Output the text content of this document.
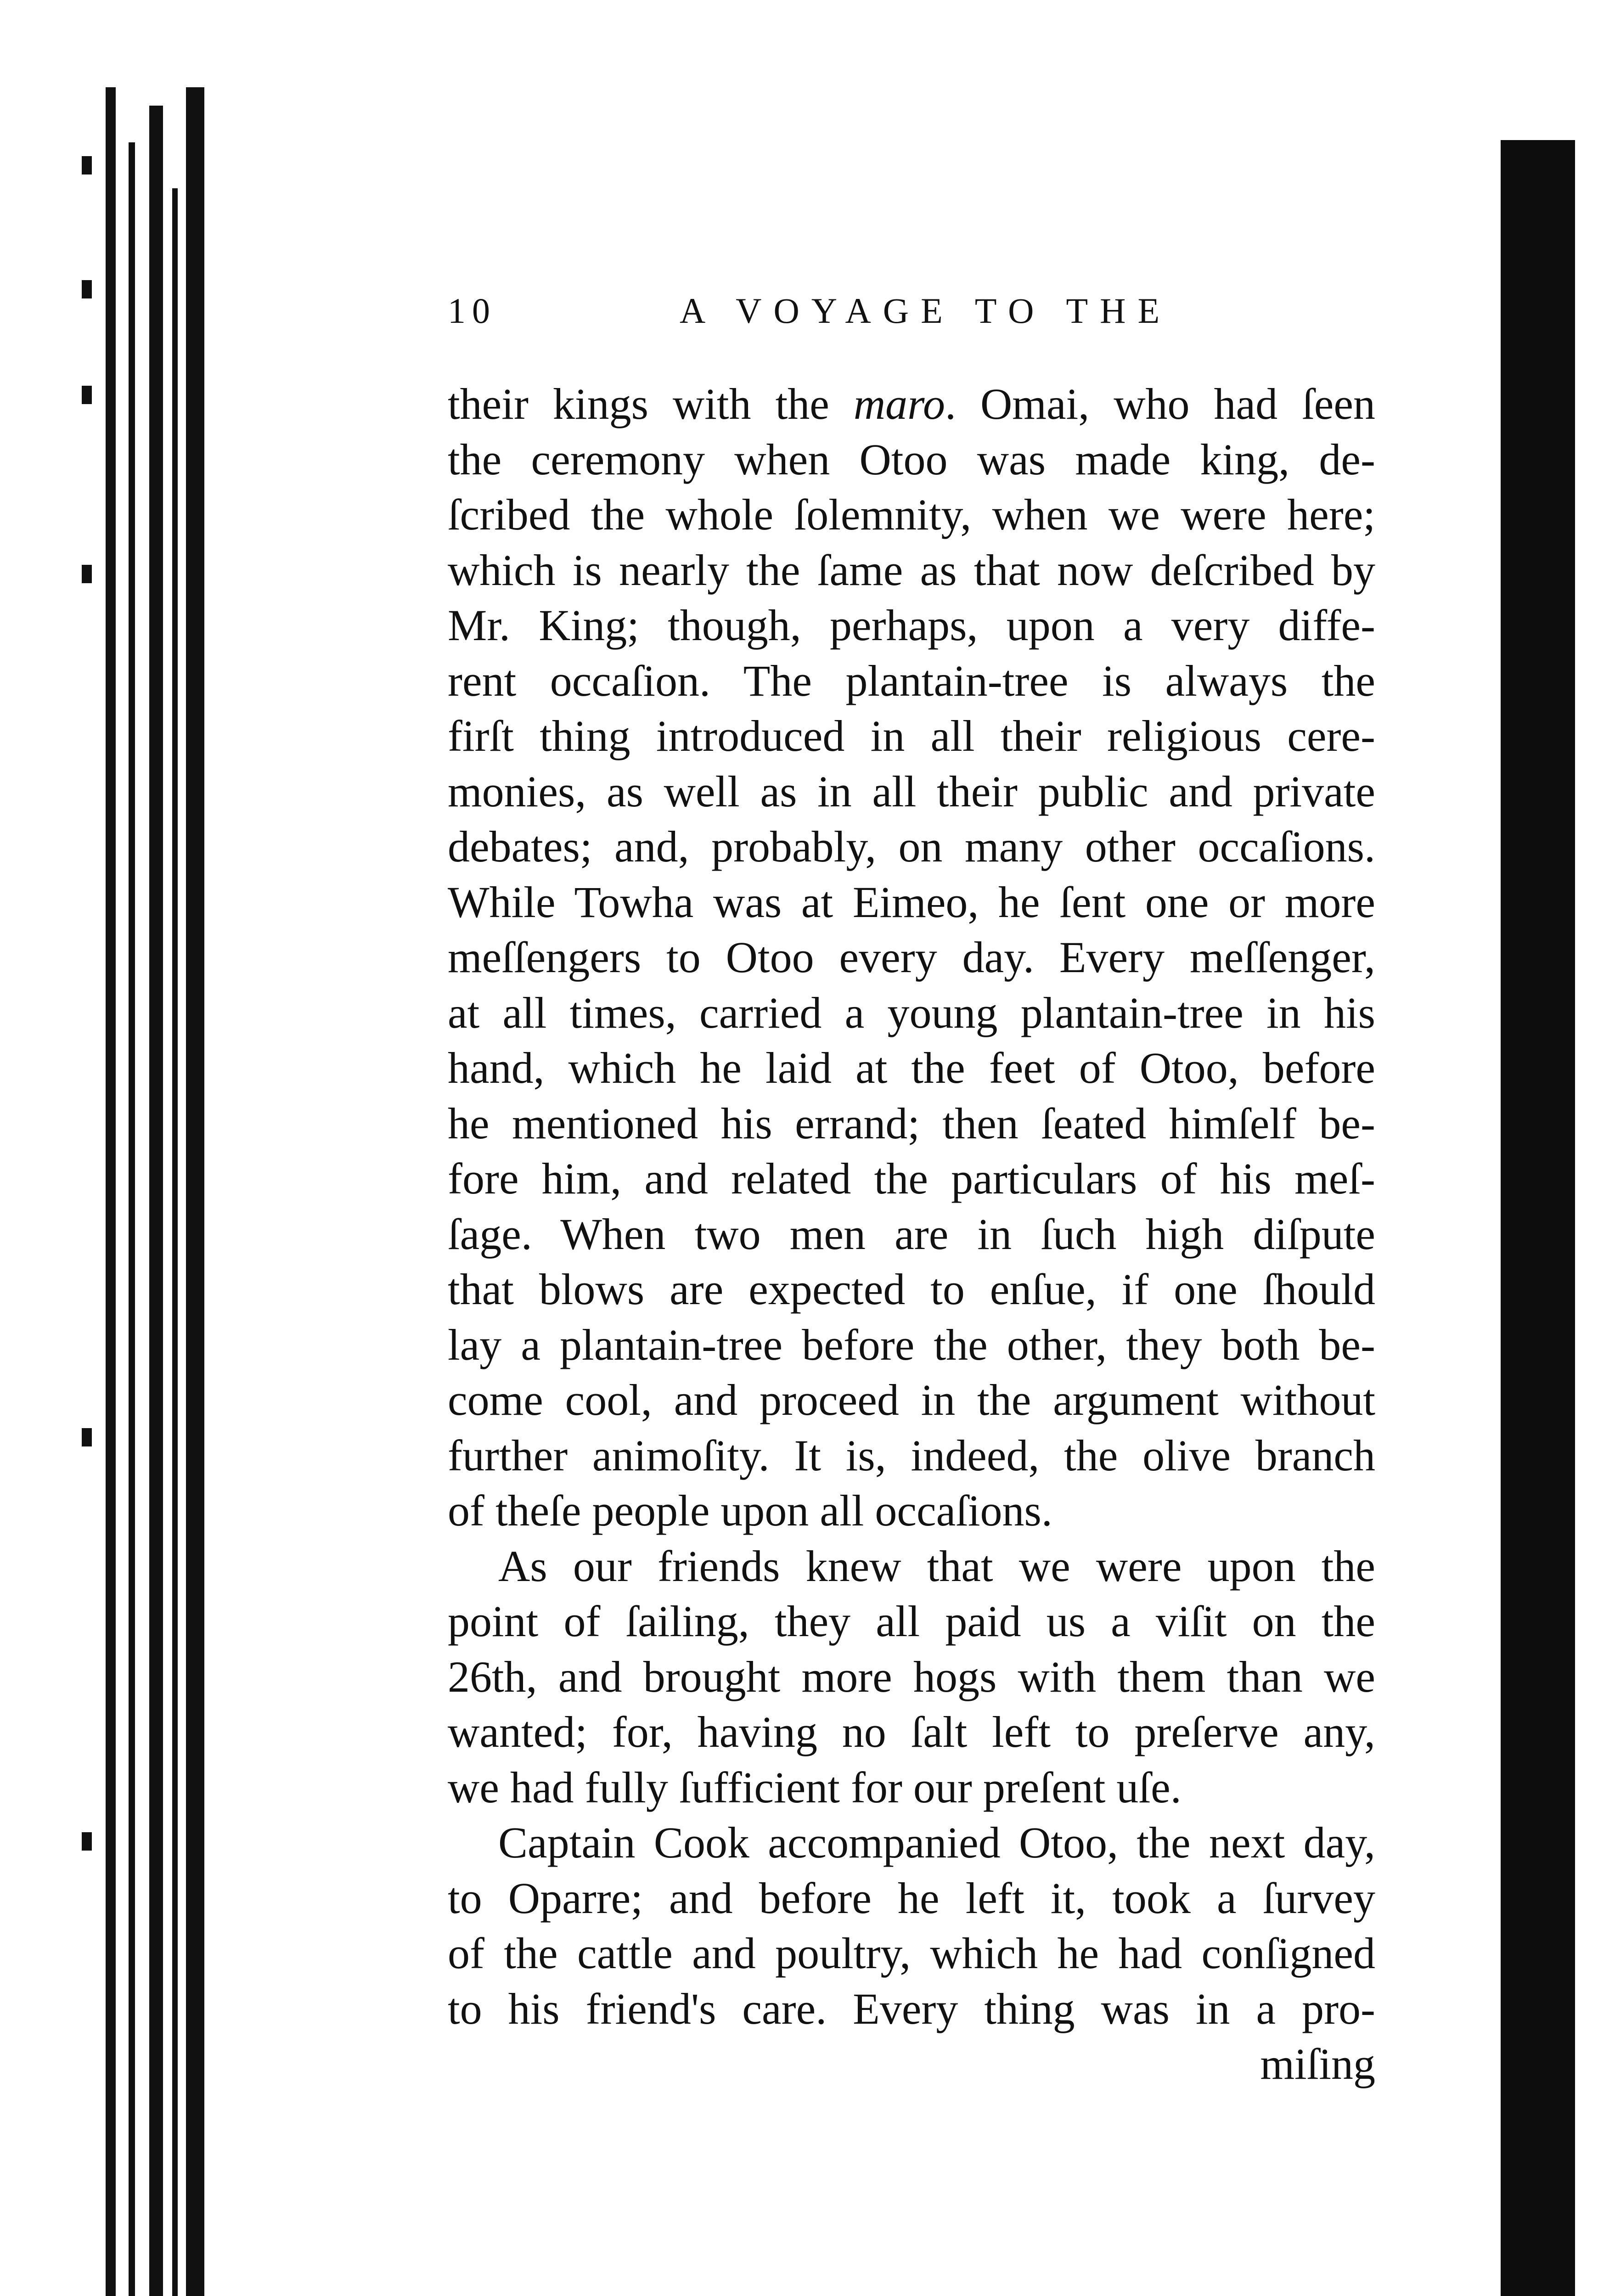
10	A VOYAGE TO THE
their kings with the maro. Omai, who had ſeen
the ceremony when Otoo was made king, de-
ſcribed the whole ſolemnity, when we were here;
which is nearly the ſame as that now deſcribed by
Mr. King; though, perhaps, upon a very diffe-
rent occaſion. The plantain-tree is always the
firſt thing introduced in all their religious cere-
monies, as well as in all their public and private
debates; and, probably, on many other occaſions.
While Towha was at Eimeo, he ſent one or more
meſſengers to Otoo every day. Every meſſenger,
at all times, carried a young plantain-tree in his
hand, which he laid at the feet of Otoo, before
he mentioned his errand; then ſeated himſelf be-
fore him, and related the particulars of his meſ-
ſage. When two men are in ſuch high diſpute
that blows are expected to enſue, if one ſhould
lay a plantain-tree before the other, they both be-
come cool, and proceed in the argument without
further animoſity. It is, indeed, the olive branch
of theſe people upon all occaſions.
As our friends knew that we were upon the
point of ſailing, they all paid us a viſit on the
26th, and brought more hogs with them than we
wanted; for, having no ſalt left to preſerve any,
we had fully ſufficient for our preſent uſe.
Captain Cook accompanied Otoo, the next day,
to Oparre; and before he left it, took a ſurvey
of the cattle and poultry, which he had conſigned
to his friend's care. Every thing was in a pro-
miſing
